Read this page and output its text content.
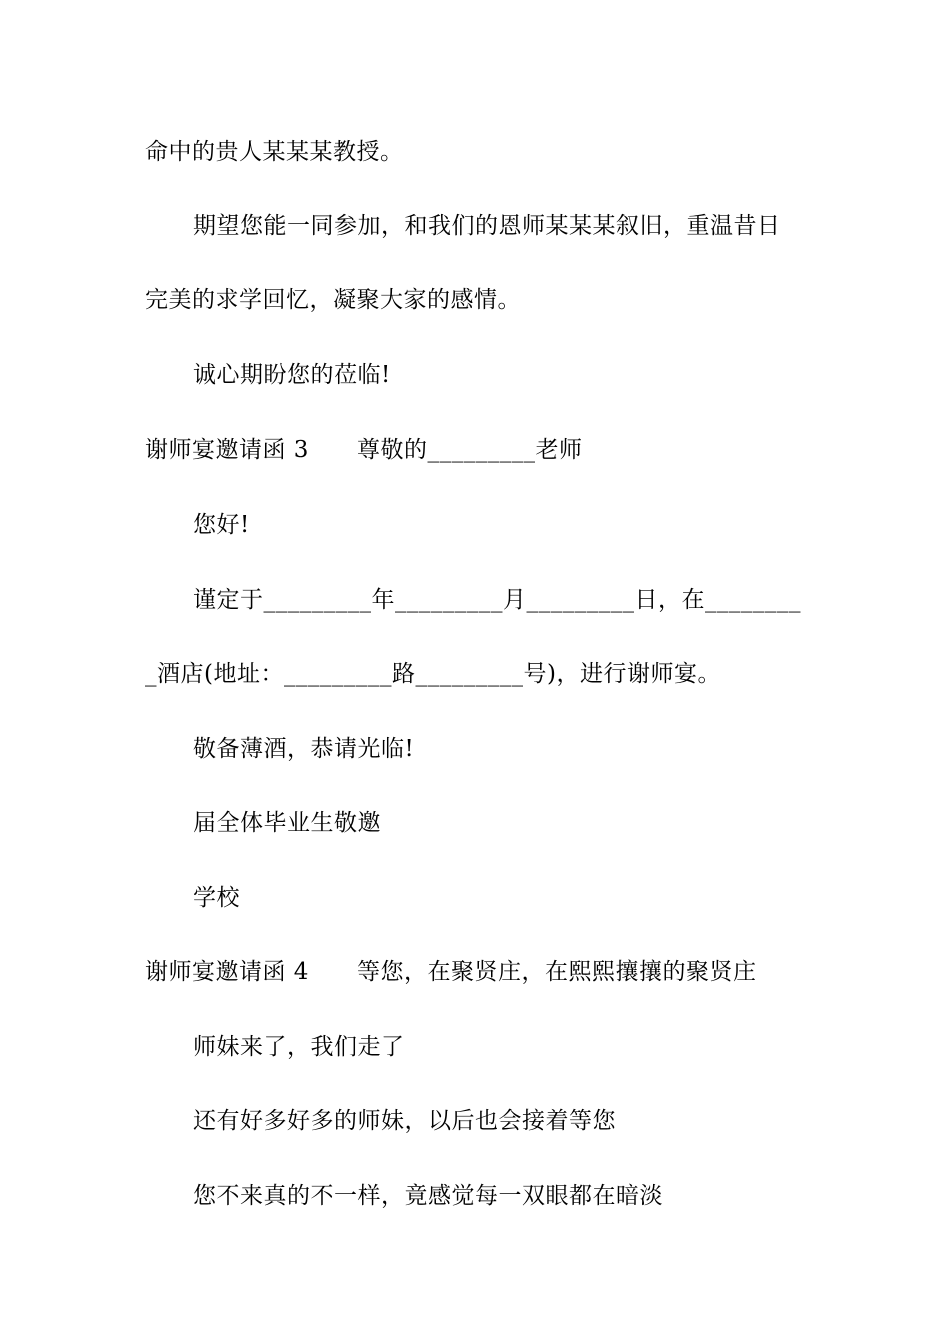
命中的贵人某某某教授。
期望您能一同参加，和我们的恩师某某某叙旧，重温昔日
完美的求学回忆，凝聚大家的感情。
诚心期盼您的莅临!
谢师宴邀请函 3 尊敬的_________老师
您好!
谨定于_________年_________月_________日，在________
_酒店(地址：_________路_________号)，进行谢师宴。
敬备薄酒，恭请光临!
届全体毕业生敬邀
学校
谢师宴邀请函 4 等您，在聚贤庄，在熙熙攘攘的聚贤庄
师妹来了，我们走了
还有好多好多的师妹，以后也会接着等您
您不来真的不一样，竟感觉每一双眼都在暗淡
